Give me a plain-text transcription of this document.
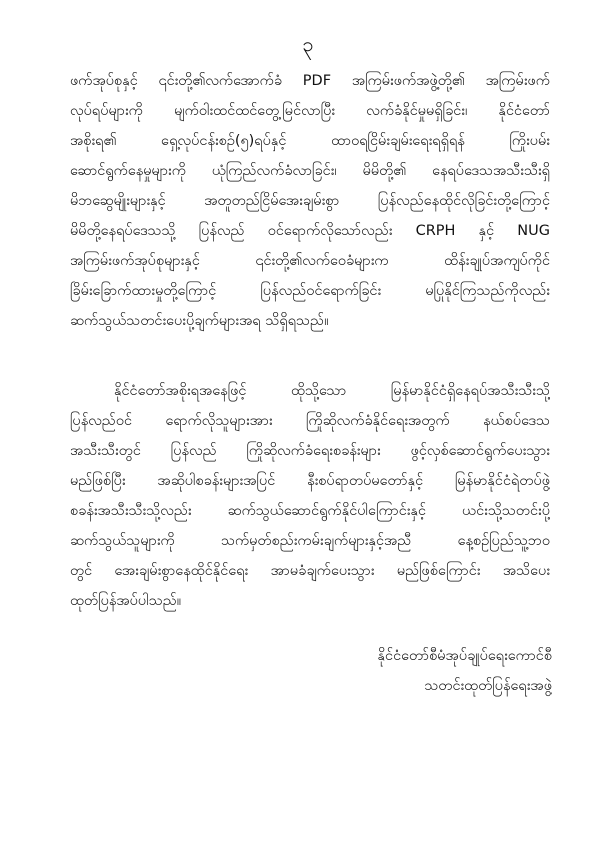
၃
ဖက်အုပ်စုနှင့် ၎င်းတို့၏လက်အောက်ခံ PDF အကြမ်းဖက်အဖွဲ့တို့၏ အကြမ်းဖက်
လုပ်ရပ်များကို မျက်ဝါးထင်ထင်တွေ့မြင်လာပြီး လက်ခံနိုင်မှုမရှိခြင်း၊ နိုင်ငံတော်
အစိုးရ၏ ရှေ့လုပ်ငန်းစဉ်(၅)ရပ်နှင့် ထာဝရငြိမ်းချမ်းရေးရရှိရန် ကြိုးပမ်း
ဆောင်ရွက်နေမှုများကို ယုံကြည်လက်ခံလာခြင်း၊ မိမိတို့၏ နေရပ်ဒေသအသီးသီးရှိ
မိဘဆွေမျိုးများနှင့် အတူတည်ငြိမ်အေးချမ်းစွာ ပြန်လည်နေထိုင်လိုခြင်းတို့ကြောင့်
မိမိတို့နေရပ်ဒေသသို့ ပြန်လည် ဝင်ရောက်လိုသော်လည်း CRPH နှင့် NUG
အကြမ်းဖက်အုပ်စုများနှင့် ၎င်းတို့၏လက်ဝေခံများက ထိန်းချုပ်အကျပ်ကိုင်
ခြိမ်းခြောက်ထားမှုတို့ကြောင့် ပြန်လည်ဝင်ရောက်ခြင်း မပြုနိုင်ကြသည်ကိုလည်း
ဆက်သွယ်သတင်းပေးပို့ချက်များအရ သိရှိရသည်။
နိုင်ငံတော်အစိုးရအနေဖြင့် ထိုသို့သော မြန်မာနိုင်ငံရှိနေရပ်အသီးသီးသို့
ပြန်လည်ဝင် ရောက်လိုသူများအား ကြိုဆိုလက်ခံနိုင်ရေးအတွက် နယ်စပ်ဒေသ
အသီးသီးတွင် ပြန်လည် ကြိုဆိုလက်ခံရေးစခန်းများ ဖွင့်လှစ်ဆောင်ရွက်ပေးသွား
မည်ဖြစ်ပြီး အဆိုပါစခန်းများအပြင် နီးစပ်ရာတပ်မတော်နှင့် မြန်မာနိုင်ငံရဲတပ်ဖွဲ့
စခန်းအသီးသီးသို့လည်း ဆက်သွယ်ဆောင်ရွက်နိုင်ပါကြောင်းနှင့် ယင်းသို့သတင်းပို့
ဆက်သွယ်သူများကို သက်မှတ်စည်းကမ်းချက်များနှင့်အညီ နေ့စဉ်ပြည်သူ့ဘဝ
တွင် အေးချမ်းစွာနေထိုင်နိုင်ရေး အာမခံချက်ပေးသွား မည်ဖြစ်ကြောင်း အသိပေး
ထုတ်ပြန်အပ်ပါသည်။
နိုင်ငံတော်စီမံအုပ်ချုပ်ရေးကောင်စီ
သတင်းထုတ်ပြန်ရေးအဖွဲ့
